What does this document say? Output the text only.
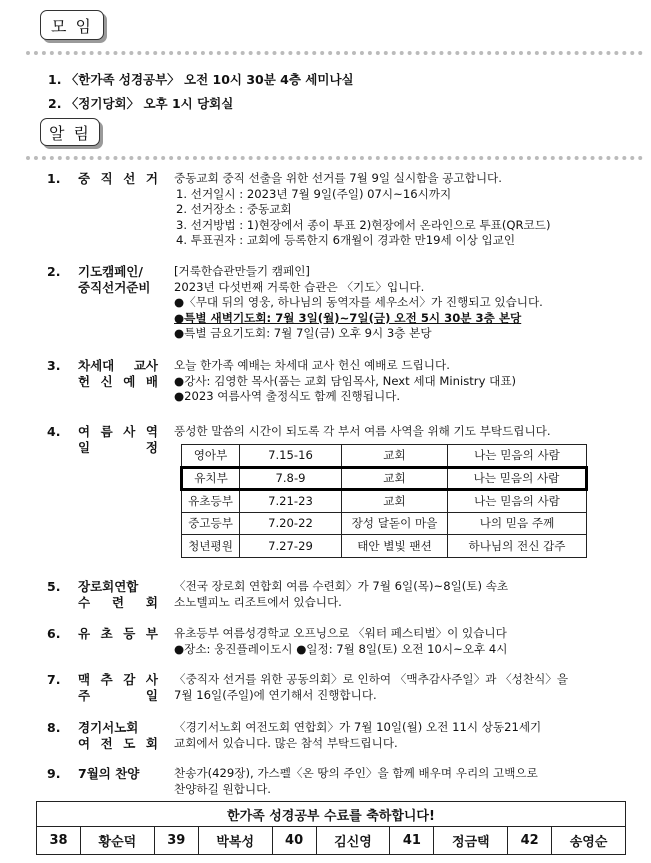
모 임
1. 〈한가족 성경공부〉 오전 10시 30분 4층 세미나실
2. 〈정기당회〉 오후 1시 당회실
알 림
1. 중 직 선 거 중동교회 중직 선출을 위한 선거를 7월 9일 실시함을 공고합니다.
1. 선거일시 : 2023년 7월 9일(주일) 07시~16시까지
2. 선거장소 : 중동교회
3. 선거방법 : 1)현장에서 종이 투표 2)현장에서 온라인으로 투표(QR코드)
4. 투표권자 : 교회에 등록한지 6개월이 경과한 만19세 이상 입교인
2. 기도캠페인/
중직선거준비
[거룩한습관만들기 캠페인]
2023년 다섯번째 거룩한 습관은 〈기도〉입니다.
●〈무대 뒤의 영웅, 하나님의 동역자를 세우소서〉가 진행되고 있습니다.
●특별 새벽기도회: 7월 3일(월)~7일(금) 오전 5시 30분 3층 본당
●특별 금요기도회: 7월 7일(금) 오후 9시 3층 본당
3. 차세대 교사
헌 신 예 배
오늘 한가족 예배는 차세대 교사 헌신 예배로 드립니다.
●강사: 김영한 목사(품는 교회 담임목사, Next 세대 Ministry 대표)
●2023 여름사역 출정식도 함께 진행됩니다.
4. 여 름 사 역
일 정
풍성한 말씀의 시간이 되도록 각 부서 여름 사역을 위해 기도 부탁드립니다.
영아부	7.15-16	교회	나는 믿음의 사람
유치부	7.8-9	교회	나는 믿음의 사람
유초등부	7.21-23	교회	나는 믿음의 사람
중고등부	7.20-22	장성 달돋이 마을	나의 믿음 주께
청년평원	7.27-29	태안 별빛 팬션	하나님의 전신 갑주
5. 장로회연합
수 련 회
〈전국 장로회 연합회 여름 수련회〉가 7월 6일(목)~8일(토) 속초
소노텔피노 리조트에서 있습니다.
6. 유 초 등 부 유초등부 여름성경학교 오프닝으로 〈워터 페스티벌〉이 있습니다
●장소: 웅진플레이도시 ●일정: 7월 8일(토) 오전 10시~오후 4시
7. 맥 추 감 사
주 일
〈중직자 선거를 위한 공동의회〉로 인하여 〈맥추감사주일〉과 〈성찬식〉을
7월 16일(주일)에 연기해서 진행합니다.
8. 경기서노회
여 전 도 회
〈경기서노회 여전도회 연합회〉가 7월 10일(월) 오전 11시 상동21세기
교회에서 있습니다. 많은 참석 부탁드립니다.
9. 7월의 찬양	찬송가(429장), 가스펠〈온 땅의 주인〉을 함께 배우며 우리의 고백으로
찬양하길 원합니다.
한가족 성경공부 수료를 축하합니다!
38	황순덕	39	박복성	40	김신영	41	정금택	42	송영순
